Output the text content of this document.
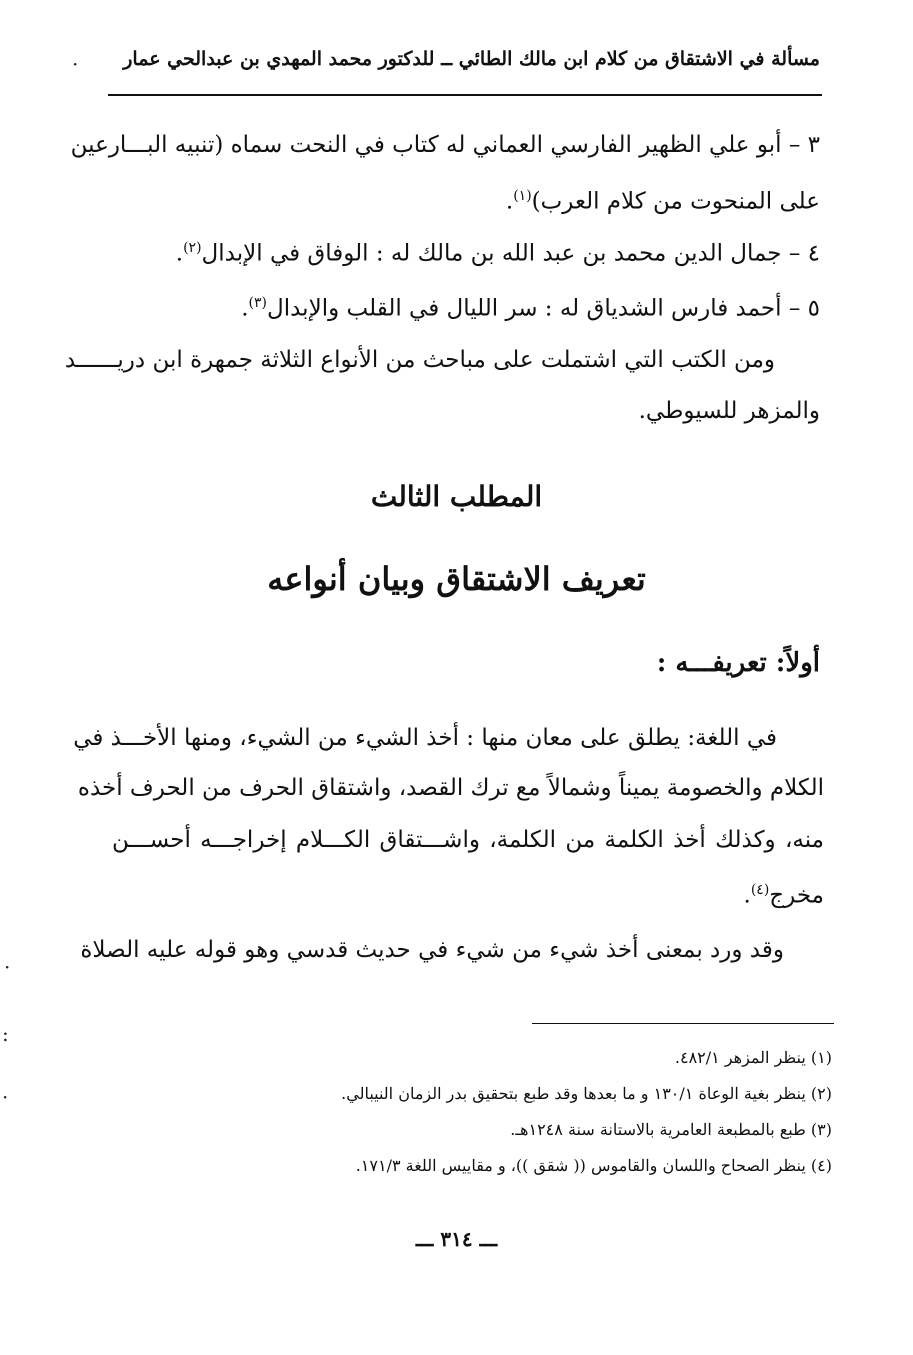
مسألة في الاشتقاق من كلام ابن مالك الطائي ــ للدكتور محمد المهدي بن عبدالحي عمار
٣ – أبو علي الظهير الفارسي العماني له كتاب في النحت سماه (تنبيه البـــارعين
على المنحوت من كلام العرب)$^{(١)}$.
٤ – جمال الدين محمد بن عبد الله بن مالك له : الوفاق في الإبدال$^{(٢)}$.
٥ – أحمد فارس الشدياق له : سر الليال في القلب والإبدال$^{(٣)}$.
ومن الكتب التي اشتملت على مباحث من الأنواع الثلاثة جمهرة ابن دريــــــد
والمزهر للسيوطي.
المطلب الثالث
تعريف الاشتقاق وبيان أنواعه
أولاً: تعريفـــه :
في اللغة: يطلق على معان منها : أخذ الشيء من الشيء، ومنها الأخـــذ في
الكلام والخصومة يميناً وشمالاً مع ترك القصد، واشتقاق الحرف من الحرف أخذه
منه، وكذلك أخذ الكلمة من الكلمة، واشـــتقاق الكـــلام إخراجـــه أحســـن
مخرج$^{(٤)}$.
وقد ورد بمعنى أخذ شيء من شيء في حديث قدسي وهو قوله عليه الصلاة
(١) ينظر المزهر ٤٨٢/١.
(٢) ينظر بغية الوعاة ١٣٠/١ و ما بعدها وقد طبع بتحقيق بدر الزمان النيبالي.
(٣) طبع بالمطبعة العامرية بالاستانة سنة ١٢٤٨هـ.
(٤) ينظر الصحاح واللسان والقاموس (( شقق ))، و مقاييس اللغة ١٧١/٣.
ـــ ٣١٤ ـــ
·
·
:
·
